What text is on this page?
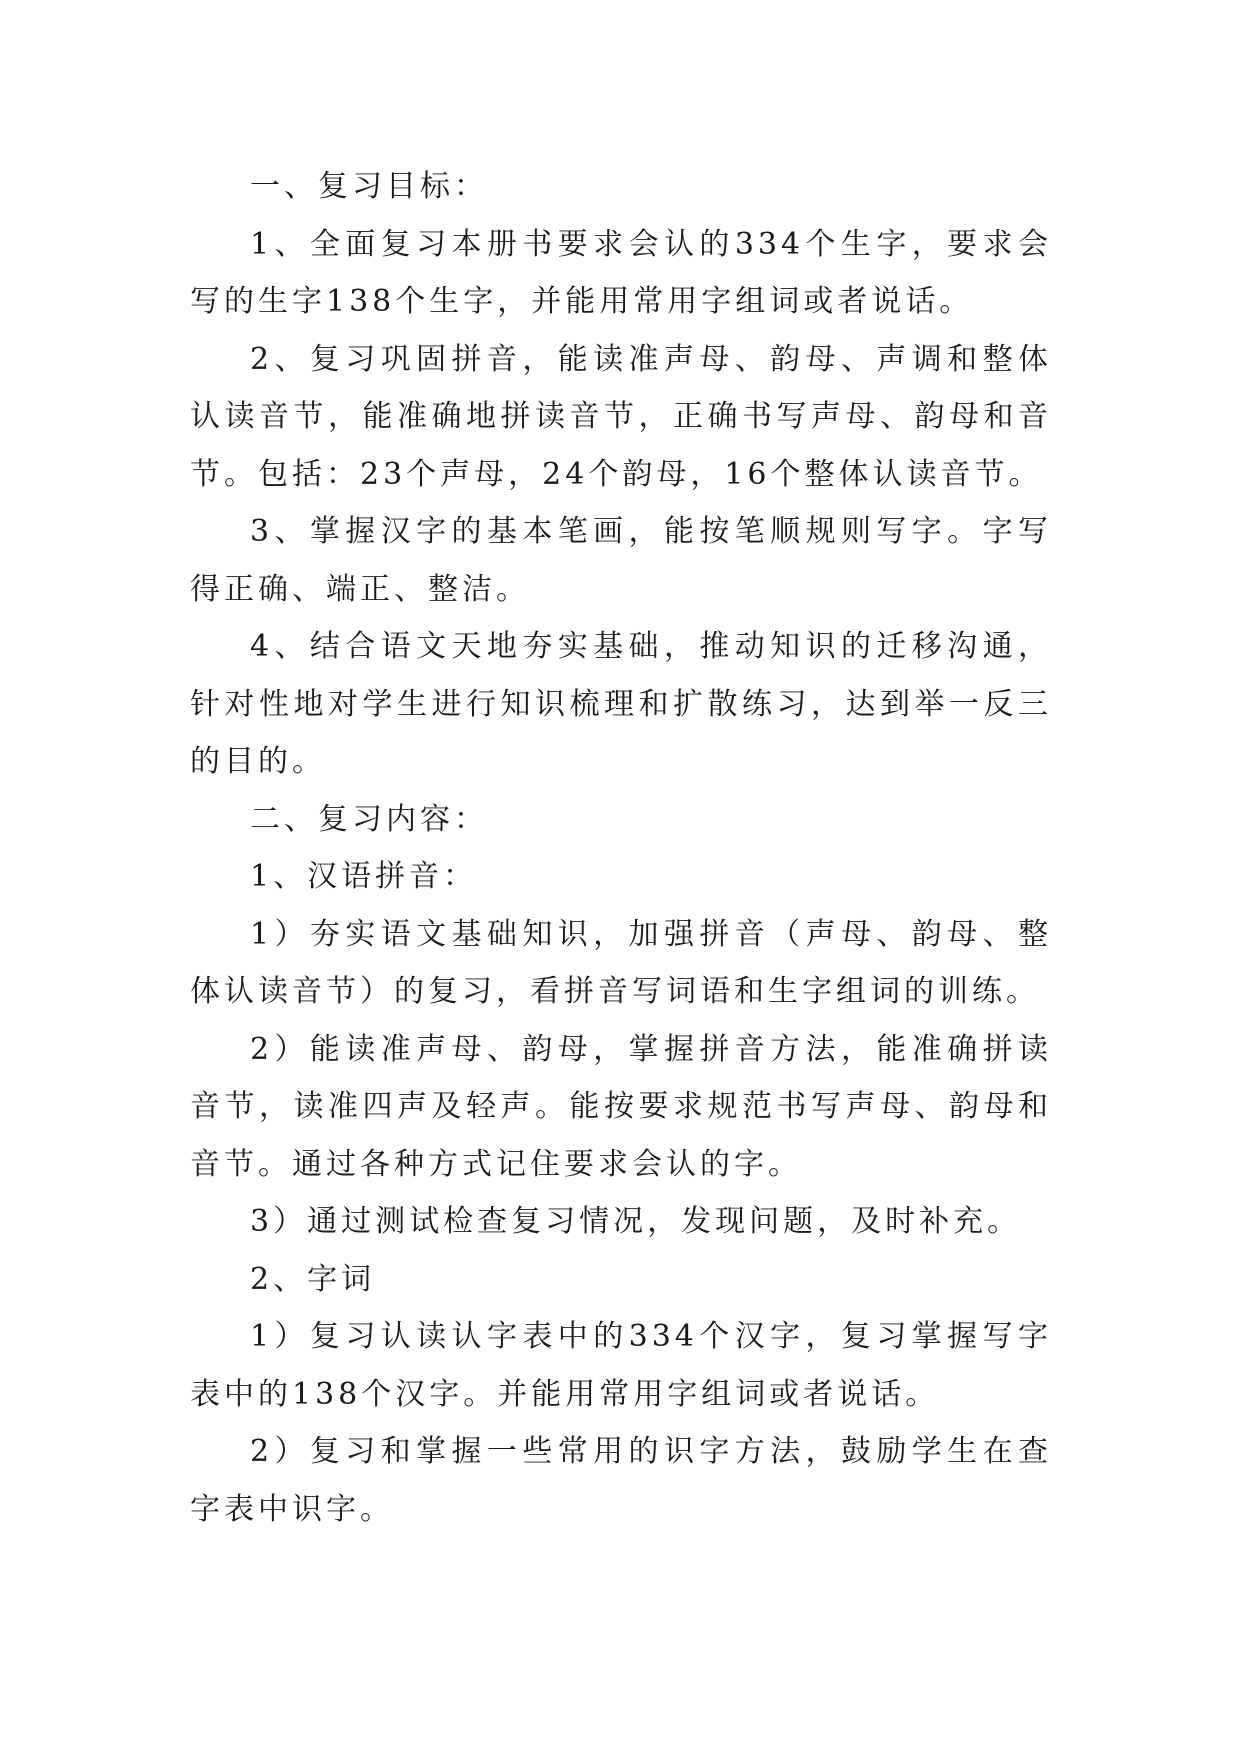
一、复习目标：

1、全面复习本册书要求会认的334个生字，要求会写的生字138个生字，并能用常用字组词或者说话。

2、复习巩固拼音，能读准声母、韵母、声调和整体认读音节，能准确地拼读音节，正确书写声母、韵母和音节。包括：23个声母，24个韵母，16个整体认读音节。

3、掌握汉字的基本笔画，能按笔顺规则写字。字写得正确、端正、整洁。

4、结合语文天地夯实基础，推动知识的迁移沟通，针对性地对学生进行知识梳理和扩散练习，达到举一反三的目的。

二、复习内容：

1、汉语拼音：

1）夯实语文基础知识，加强拼音（声母、韵母、整体认读音节）的复习，看拼音写词语和生字组词的训练。

2）能读准声母、韵母，掌握拼音方法，能准确拼读音节，读准四声及轻声。能按要求规范书写声母、韵母和音节。通过各种方式记住要求会认的字。

3）通过测试检查复习情况，发现问题，及时补充。

2、字词

1）复习认读认字表中的334个汉字，复习掌握写字表中的138个汉字。并能用常用字组词或者说话。

2）复习和掌握一些常用的识字方法，鼓励学生在查字表中识字。
